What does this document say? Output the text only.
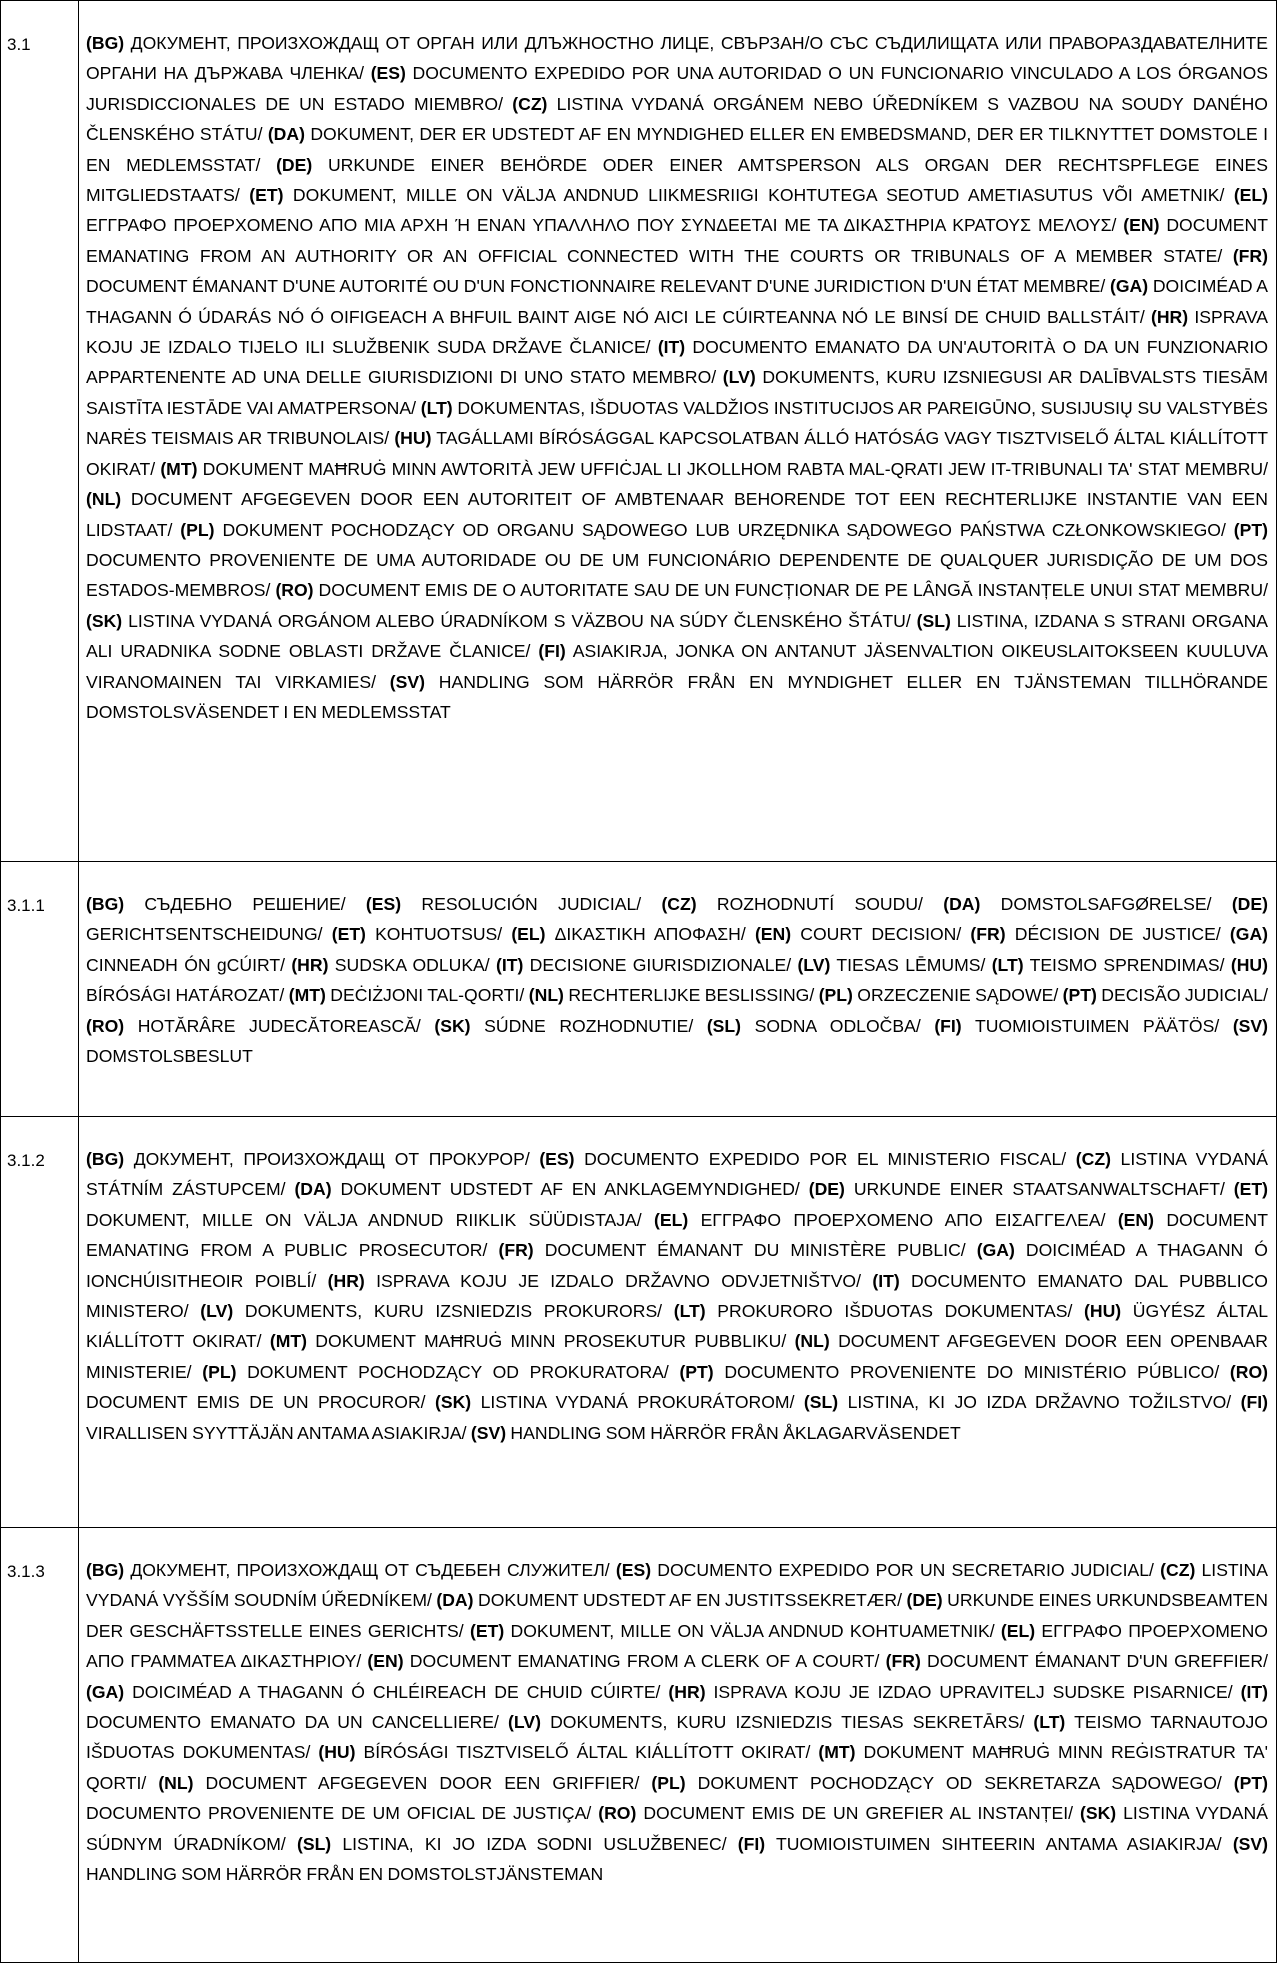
3.1	(BG) ДОКУМЕНТ, ПРОИЗХОЖДАЩ ОТ ОРГАН ИЛИ ДЛЪЖНОСТНО ЛИЦЕ, СВЪРЗАН/О СЪС СЪДИЛИЩАТА ИЛИ ПРАВОРАЗДАВАТЕЛНИТЕ ОРГАНИ НА ДЪРЖАВА ЧЛЕНКА/ (ES) DOCUMENTO EXPEDIDO POR UNA AUTORIDAD O UN FUNCIONARIO VINCULADO A LOS ÓRGANOS JURISDICCIONALES DE UN ESTADO MIEMBRO/ (CZ) LISTINA VYDANÁ ORGÁNEM NEBO ÚŘEDNÍKEM S VAZBOU NA SOUDY DANÉHO ČLENSKÉHO STÁTU/ (DA) DOKUMENT, DER ER UDSTEDT AF EN MYNDIGHED ELLER EN EMBEDSMAND, DER ER TILKNYTTET DOMSTOLE I EN MEDLEMSSTAT/ (DE) URKUNDE EINER BEHÖRDE ODER EINER AMTSPERSON ALS ORGAN DER RECHTSPFLEGE EINES MITGLIEDSTAATS/ (ET) DOKUMENT, MILLE ON VÄLJA ANDNUD LIIKMESRIIGI KOHTUTEGA SEOTUD AMETIASUTUS VÕI AMETNIK/ (EL) ΕΓΓΡΑΦΟ ΠΡΟΕΡΧΟΜΕΝΟ ΑΠΟ ΜΙΑ ΑΡΧΗ Ή ΕΝΑΝ ΥΠΑΛΛΗΛΟ ΠΟΥ ΣΥΝΔΕΕΤΑΙ ΜΕ ΤΑ ΔΙΚΑΣΤΗΡΙΑ ΚΡΑΤΟΥΣ ΜΕΛΟΥΣ/ (EN) DOCUMENT EMANATING FROM AN AUTHORITY OR AN OFFICIAL CONNECTED WITH THE COURTS OR TRIBUNALS OF A MEMBER STATE/ (FR) DOCUMENT ÉMANANT D'UNE AUTORITÉ OU D'UN FONCTIONNAIRE RELEVANT D'UNE JURIDICTION D'UN ÉTAT MEMBRE/ (GA) DOICIMÉAD A THAGANN Ó ÚDARÁS NÓ Ó OIFIGEACH A BHFUIL BAINT AIGE NÓ AICI LE CÚIRTEANNA NÓ LE BINSÍ DE CHUID BALLSTÁIT/ (HR) ISPRAVA KOJU JE IZDALO TIJELO ILI SLUŽBENIK SUDA DRŽAVE ČLANICE/ (IT) DOCUMENTO EMANATO DA UN'AUTORITÀ O DA UN FUNZIONARIO APPARTENENTE AD UNA DELLE GIURISDIZIONI DI UNO STATO MEMBRO/ (LV) DOKUMENTS, KURU IZSNIEGUSI AR DALĪBVALSTS TIESĀM SAISTĪTA IESTĀDE VAI AMATPERSONA/ (LT) DOKUMENTAS, IŠDUOTAS VALDŽIOS INSTITUCIJOS AR PAREIGŪNO, SUSIJUSIŲ SU VALSTYBĖS NARĖS TEISMAIS AR TRIBUNOLAIS/ (HU) TAGÁLLAMI BÍRÓSÁGGAL KAPCSOLATBAN ÁLLÓ HATÓSÁG VAGY TISZTVISELŐ ÁLTAL KIÁLLÍTOTT OKIRAT/ (MT) DOKUMENT MAĦRUĠ MINN AWTORITÀ JEW UFFIĊJAL LI JKOLLHOM RABTA MAL-QRATI JEW IT-TRIBUNALI TA' STAT MEMBRU/ (NL) DOCUMENT AFGEGEVEN DOOR EEN AUTORITEIT OF AMBTENAAR BEHORENDE TOT EEN RECHTERLIJKE INSTANTIE VAN EEN LIDSTAAT/ (PL) DOKUMENT POCHODZĄCY OD ORGANU SĄDOWEGO LUB URZĘDNIKA SĄDOWEGO PAŃSTWA CZŁONKOWSKIEGO/ (PT) DOCUMENTO PROVENIENTE DE UMA AUTORIDADE OU DE UM FUNCIONÁRIO DEPENDENTE DE QUALQUER JURISDIÇÃO DE UM DOS ESTADOS-MEMBROS/ (RO) DOCUMENT EMIS DE O AUTORITATE SAU DE UN FUNCȚIONAR DE PE LÂNGĂ INSTANȚELE UNUI STAT MEMBRU/ (SK) LISTINA VYDANÁ ORGÁNOM ALEBO ÚRADNÍKOM S VÄZBOU NA SÚDY ČLENSKÉHO ŠTÁTU/ (SL) LISTINA, IZDANA S STRANI ORGANA ALI URADNIKA SODNE OBLASTI DRŽAVE ČLANICE/ (FI) ASIAKIRJA, JONKA ON ANTANUT JÄSENVALTION OIKEUSLAITOKSEEN KUULUVA VIRANOMAINEN TAI VIRKAMIES/ (SV) HANDLING SOM HÄRRÖR FRÅN EN MYNDIGHET ELLER EN TJÄNSTEMAN TILLHÖRANDE DOMSTOLSVÄSENDET I EN MEDLEMSSTAT

3.1.1	(BG) СЪДЕБНО РЕШЕНИЕ/ (ES) RESOLUCIÓN JUDICIAL/ (CZ) ROZHODNUTÍ SOUDU/ (DA) DOMSTOLSAFGØRELSE/ (DE) GERICHTSENTSCHEIDUNG/ (ET) KOHTUOTSUS/ (EL) ΔΙΚΑΣΤΙΚΗ ΑΠΟΦΑΣΗ/ (EN) COURT DECISION/ (FR) DÉCISION DE JUSTICE/ (GA) CINNEADH ÓN gCÚIRT/ (HR) SUDSKA ODLUKA/ (IT) DECISIONE GIURISDIZIONALE/ (LV) TIESAS LĒMUMS/ (LT) TEISMO SPRENDIMAS/ (HU) BÍRÓSÁGI HATÁROZAT/ (MT) DEĊIŻJONI TAL-QORTI/ (NL) RECHTERLIJKE BESLISSING/ (PL) ORZECZENIE SĄDOWE/ (PT) DECISÃO JUDICIAL/ (RO) HOTĂRÂRE JUDECĂTOREASCĂ/ (SK) SÚDNE ROZHODNUTIE/ (SL) SODNA ODLOČBA/ (FI) TUOMIOISTUIMEN PÄÄTÖS/ (SV) DOMSTOLSBESLUT

3.1.2	(BG) ДОКУМЕНТ, ПРОИЗХОЖДАЩ ОТ ПРОКУРОР/ (ES) DOCUMENTO EXPEDIDO POR EL MINISTERIO FISCAL/ (CZ) LISTINA VYDANÁ STÁTNÍM ZÁSTUPCEM/ (DA) DOKUMENT UDSTEDT AF EN ANKLAGEMYNDIGHED/ (DE) URKUNDE EINER STAATSANWALTSCHAFT/ (ET) DOKUMENT, MILLE ON VÄLJA ANDNUD RIIKLIK SÜÜDISTAJA/ (EL) ΕΓΓΡΑΦΟ ΠΡΟΕΡΧΟΜΕΝΟ ΑΠΟ ΕΙΣΑΓΓΕΛΕΑ/ (EN) DOCUMENT EMANATING FROM A PUBLIC PROSECUTOR/ (FR) DOCUMENT ÉMANANT DU MINISTÈRE PUBLIC/ (GA) DOICIMÉAD A THAGANN Ó IONCHÚISITHEOIR POIBLÍ/ (HR) ISPRAVA KOJU JE IZDALO DRŽAVNO ODVJETNIŠTVO/ (IT) DOCUMENTO EMANATO DAL PUBBLICO MINISTERO/ (LV) DOKUMENTS, KURU IZSNIEDZIS PROKURORS/ (LT) PROKURORO IŠDUOTAS DOKUMENTAS/ (HU) ÜGYÉSZ ÁLTAL KIÁLLÍTOTT OKIRAT/ (MT) DOKUMENT MAĦRUĠ MINN PROSEKUTUR PUBBLIKU/ (NL) DOCUMENT AFGEGEVEN DOOR EEN OPENBAAR MINISTERIE/ (PL) DOKUMENT POCHODZĄCY OD PROKURATORA/ (PT) DOCUMENTO PROVENIENTE DO MINISTÉRIO PÚBLICO/ (RO) DOCUMENT EMIS DE UN PROCUROR/ (SK) LISTINA VYDANÁ PROKURÁTOROM/ (SL) LISTINA, KI JO IZDA DRŽAVNO TOŽILSTVO/ (FI) VIRALLISEN SYYTTÄJÄN ANTAMA ASIAKIRJA/ (SV) HANDLING SOM HÄRRÖR FRÅN ÅKLAGARVÄSENDET

3.1.3	(BG) ДОКУМЕНТ, ПРОИЗХОЖДАЩ ОТ СЪДЕБЕН СЛУЖИТЕЛ/ (ES) DOCUMENTO EXPEDIDO POR UN SECRETARIO JUDICIAL/ (CZ) LISTINA VYDANÁ VYŠŠÍM SOUDNÍM ÚŘEDNÍKEM/ (DA) DOKUMENT UDSTEDT AF EN JUSTITSSEKRETÆR/ (DE) URKUNDE EINES URKUNDSBEAMTEN DER GESCHÄFTSSTELLE EINES GERICHTS/ (ET) DOKUMENT, MILLE ON VÄLJA ANDNUD KOHTUAMETNIK/ (EL) ΕΓΓΡΑΦΟ ΠΡΟΕΡΧΟΜΕΝΟ ΑΠΟ ΓΡΑΜΜΑΤΕΑ ΔΙΚΑΣΤΗΡΙΟΥ/ (EN) DOCUMENT EMANATING FROM A CLERK OF A COURT/ (FR) DOCUMENT ÉMANANT D'UN GREFFIER/ (GA) DOICIMÉAD A THAGANN Ó CHLÉIREACH DE CHUID CÚIRTE/ (HR) ISPRAVA KOJU JE IZDAO UPRAVITELJ SUDSKE PISARNICE/ (IT) DOCUMENTO EMANATO DA UN CANCELLIERE/ (LV) DOKUMENTS, KURU IZSNIEDZIS TIESAS SEKRETĀRS/ (LT) TEISMO TARNAUTOJO IŠDUOTAS DOKUMENTAS/ (HU) BÍRÓSÁGI TISZTVISELŐ ÁLTAL KIÁLLÍTOTT OKIRAT/ (MT) DOKUMENT MAĦRUĠ MINN REĠISTRATUR TA' QORTI/ (NL) DOCUMENT AFGEGEVEN DOOR EEN GRIFFIER/ (PL) DOKUMENT POCHODZĄCY OD SEKRETARZA SĄDOWEGO/ (PT) DOCUMENTO PROVENIENTE DE UM OFICIAL DE JUSTIÇA/ (RO) DOCUMENT EMIS DE UN GREFIER AL INSTANȚEI/ (SK) LISTINA VYDANÁ SÚDNYM ÚRADNÍKOM/ (SL) LISTINA, KI JO IZDA SODNI USLUŽBENEC/ (FI) TUOMIOISTUIMEN SIHTEERIN ANTAMA ASIAKIRJA/ (SV) HANDLING SOM HÄRRÖR FRÅN EN DOMSTOLSTJÄNSTEMAN
